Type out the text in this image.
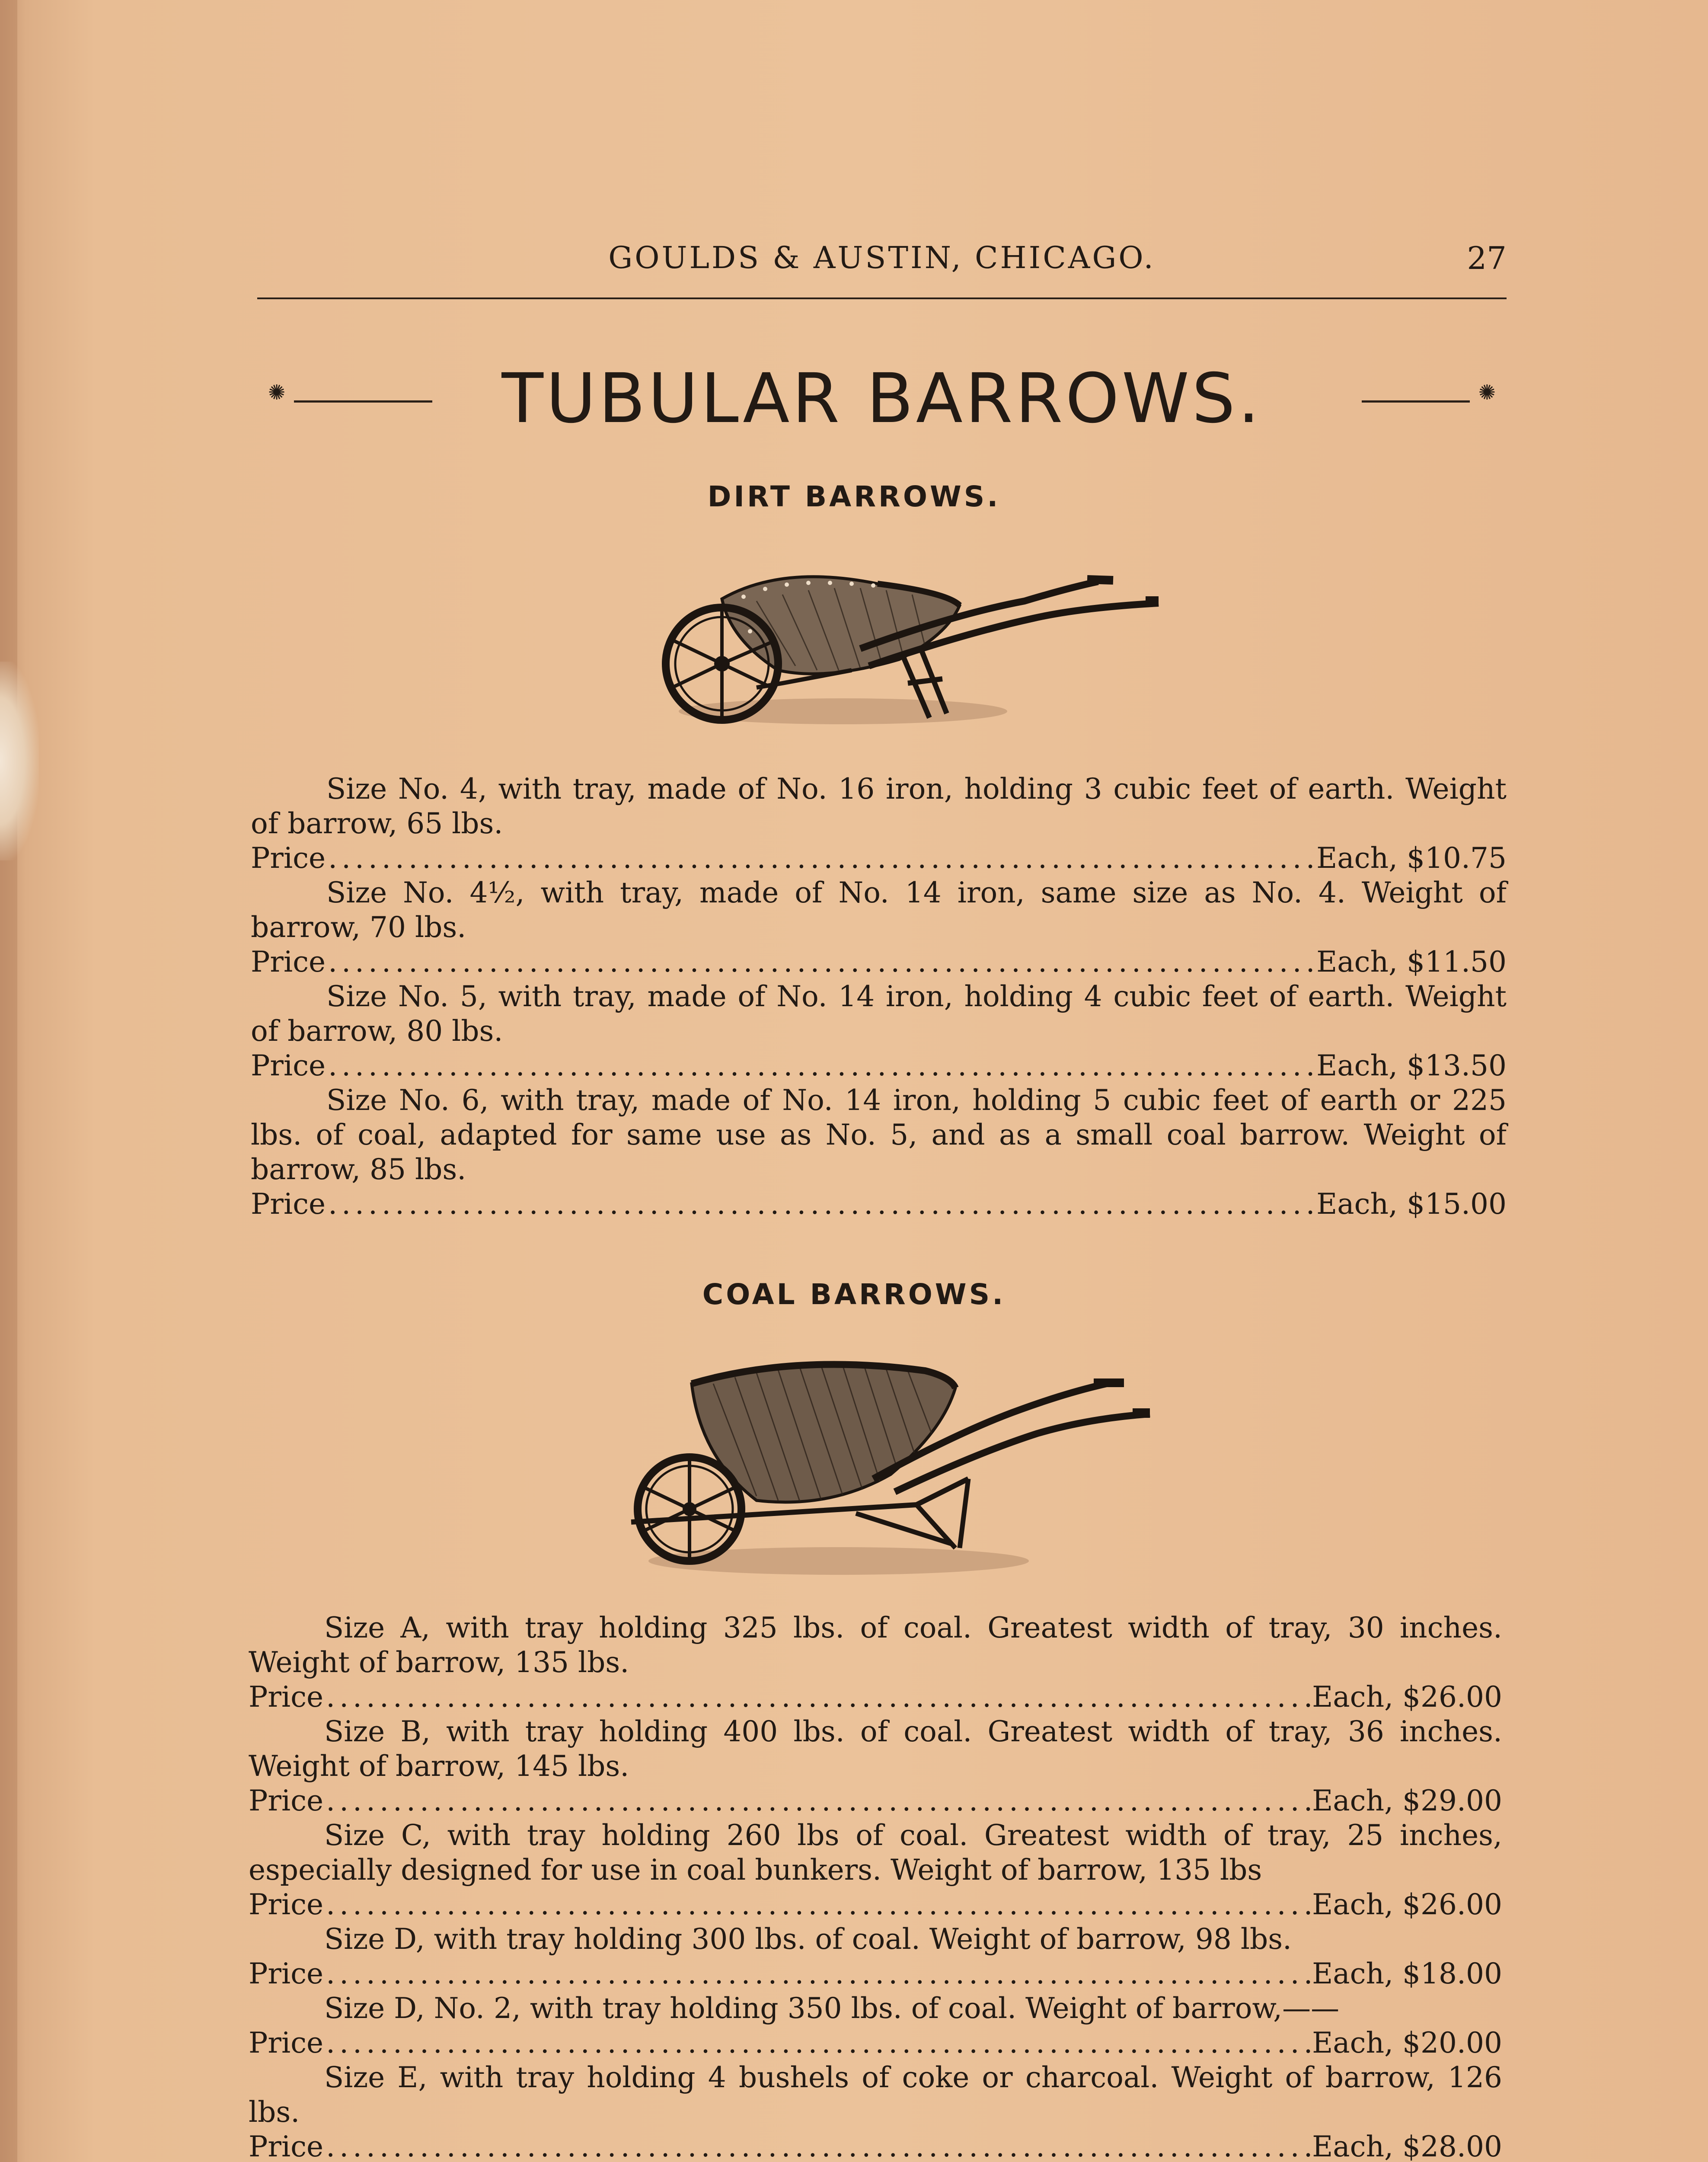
GOULDS & AUSTIN, CHICAGO.	27
✺	TUBULAR BARROWS.	✺
DIRT BARROWS.

Size No. 4, with tray, made of No. 16 iron, holding 3 cubic feet of earth. Weight of barrow, 65 lbs.

Price .....	Each, $10.75

Size No. 4½, with tray, made of No. 14 iron, same size as No. 4. Weight of barrow, 70 lbs.

Price .....	Each, $11.50

Size No. 5, with tray, made of No. 14 iron, holding 4 cubic feet of earth. Weight of barrow, 80 lbs.

Price .....	Each, $13.50

Size No. 6, with tray, made of No. 14 iron, holding 5 cubic feet of earth or 225 lbs. of coal, adapted for same use as No. 5, and as a small coal barrow. Weight of barrow, 85 lbs.

Price .....	Each, $15.00
COAL BARROWS.

Size A, with tray holding 325 lbs. of coal. Greatest width of tray, 30 inches. Weight of barrow, 135 lbs.

Price .....	Each, $26.00

Size B, with tray holding 400 lbs. of coal. Greatest width of tray, 36 inches. Weight of barrow, 145 lbs.

Price .....	Each, $29.00

Size C, with tray holding 260 lbs of coal. Greatest width of tray, 25 inches, especially designed for use in coal bunkers. Weight of barrow, 135 lbs

Price .....	Each, $26.00

Size D, with tray holding 300 lbs. of coal. Weight of barrow, 98 lbs.

Price .....	Each, $18.00

Size D, No. 2, with tray holding 350 lbs. of coal. Weight of barrow,——

Price .....	Each, $20.00

Size E, with tray holding 4 bushels of coke or charcoal. Weight of barrow, 126 lbs.

Price .....	Each, $28.00
